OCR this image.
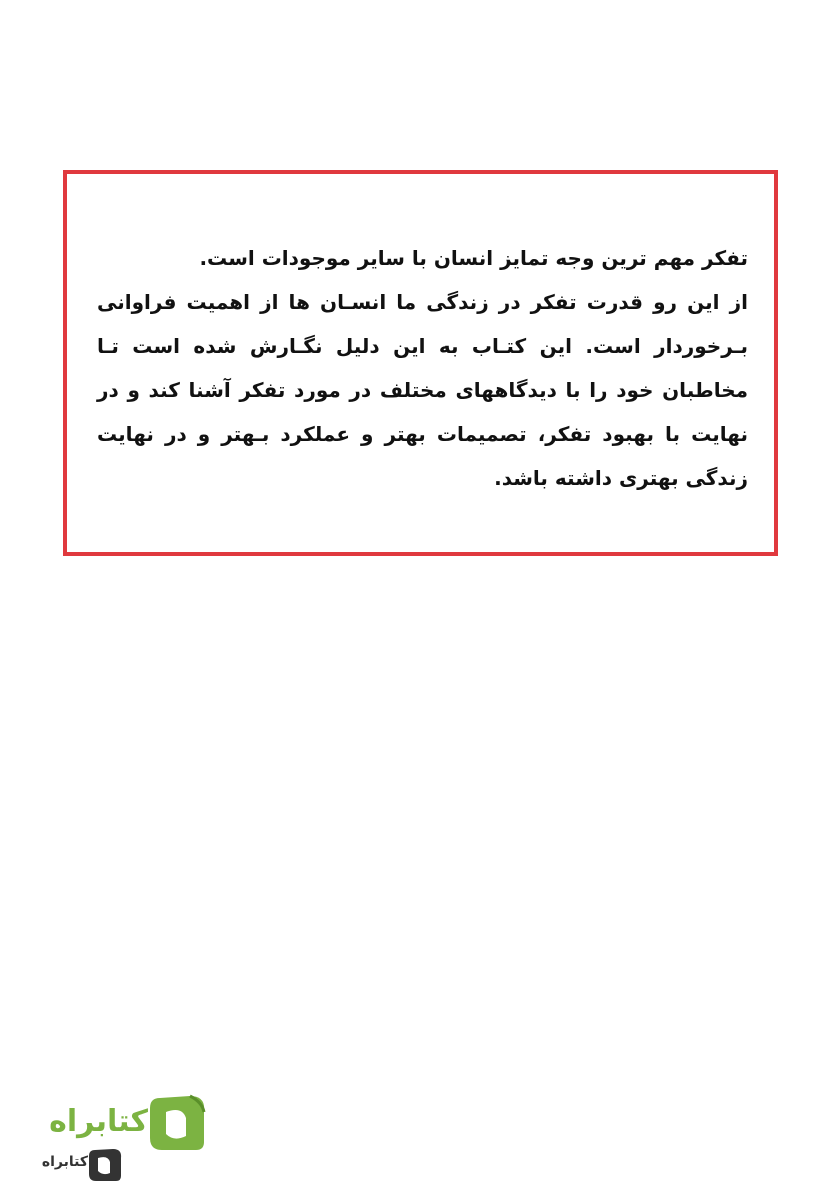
تفکر مهم ترین وجه تمایز انسان با سایر موجودات است.

از این رو قدرت تفکر در زندگی ما انسـان ها از اهمیت فراوانی بـرخوردار است. این کتـاب به این دلیل نگـارش شده است تـا مخاطبان خود را با دیدگاههای مختلف در مورد تفکر آشنا کند و در نهایت با بهبود تفکر، تصمیمات بهتر و عملکرد بـهتر و در نهایت زندگی بهتری داشته باشد.

کتابراه
کتابراه
